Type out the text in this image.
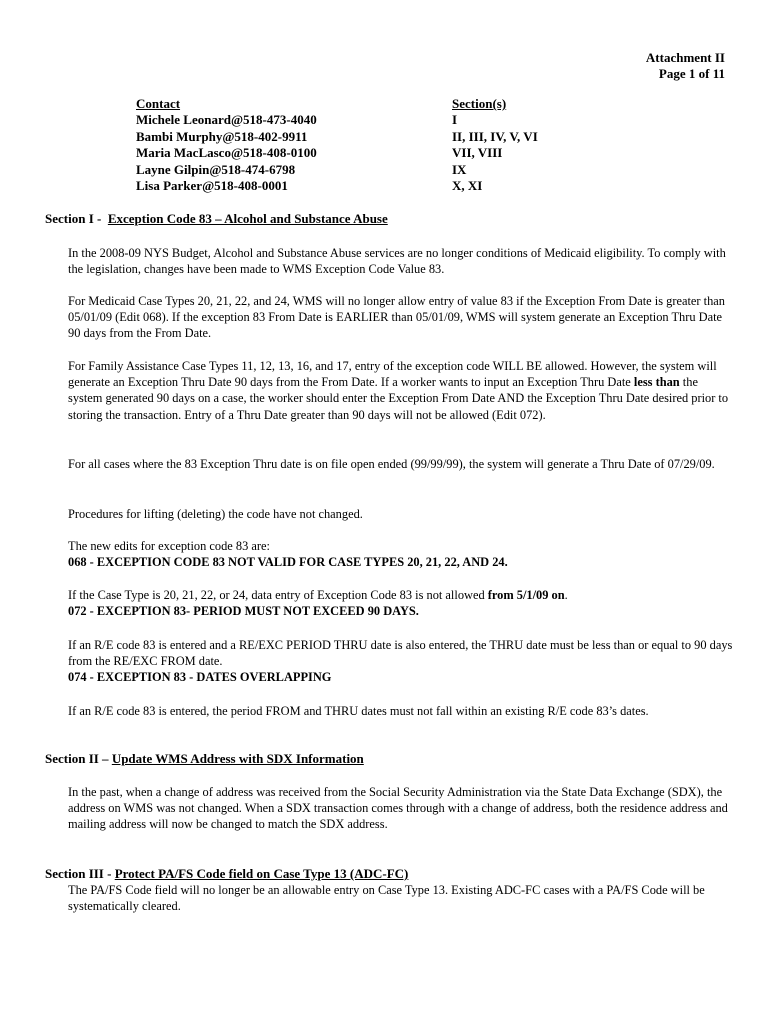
Attachment II
Page 1 of 11
Contact
Michele Leonard@518-473-4040
Bambi Murphy@518-402-9911
Maria MacLasco@518-408-0100
Layne Gilpin@518-474-6798
Lisa Parker@518-408-0001
Section(s)
I
II, III, IV, V, VI
VII, VIII
IX
X, XI
Section I - Exception Code 83 – Alcohol and Substance Abuse
In the 2008-09 NYS Budget, Alcohol and Substance Abuse services are no longer conditions of Medicaid eligibility. To comply with the legislation, changes have been made to WMS Exception Code Value 83.
For Medicaid Case Types 20, 21, 22, and 24, WMS will no longer allow entry of value 83 if the Exception From Date is greater than 05/01/09 (Edit 068). If the exception 83 From Date is EARLIER than 05/01/09, WMS will system generate an Exception Thru Date 90 days from the From Date.
For Family Assistance Case Types 11, 12, 13, 16, and 17, entry of the exception code WILL BE allowed. However, the system will generate an Exception Thru Date 90 days from the From Date. If a worker wants to input an Exception Thru Date less than the system generated 90 days on a case, the worker should enter the Exception From Date AND the Exception Thru Date desired prior to storing the transaction. Entry of a Thru Date greater than 90 days will not be allowed (Edit 072).
For all cases where the 83 Exception Thru date is on file open ended (99/99/99), the system will generate a Thru Date of 07/29/09.
Procedures for lifting (deleting) the code have not changed.
The new edits for exception code 83 are:
068 - EXCEPTION CODE 83 NOT VALID FOR CASE TYPES 20, 21, 22, AND 24.
If the Case Type is 20, 21, 22, or 24, data entry of Exception Code 83 is not allowed from 5/1/09 on.
072 - EXCEPTION 83- PERIOD MUST NOT EXCEED 90 DAYS.
If an R/E code 83 is entered and a RE/EXC PERIOD THRU date is also entered, the THRU date must be less than or equal to 90 days from the RE/EXC FROM date.
074 - EXCEPTION 83 - DATES OVERLAPPING
If an R/E code 83 is entered, the period FROM and THRU dates must not fall within an existing R/E code 83’s dates.
Section II – Update WMS Address with SDX Information
In the past, when a change of address was received from the Social Security Administration via the State Data Exchange (SDX), the address on WMS was not changed. When a SDX transaction comes through with a change of address, both the residence address and mailing address will now be changed to match the SDX address.
Section III - Protect PA/FS Code field on Case Type 13 (ADC-FC)
The PA/FS Code field will no longer be an allowable entry on Case Type 13. Existing ADC-FC cases with a PA/FS Code will be systematically cleared.
